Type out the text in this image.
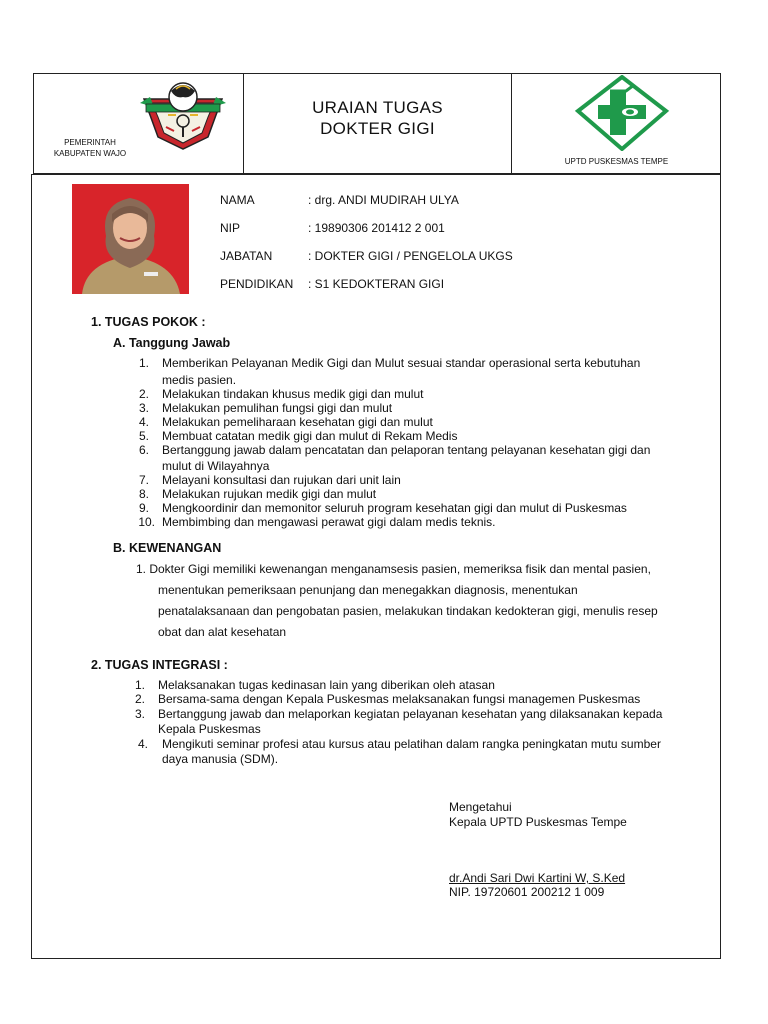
PEMERINTAH
KABUPATEN WAJO
URAIAN TUGAS
DOKTER GIGI
UPTD PUSKESMAS TEMPE
NAMA	: drg. ANDI MUDIRAH ULYA
NIP	: 19890306 201412 2 001
JABATAN	: DOKTER GIGI / PENGELOLA UKGS
PENDIDIKAN : S1 KEDOKTERAN GIGI
1. TUGAS POKOK :
A. Tanggung Jawab
1. Memberikan Pelayanan Medik Gigi dan Mulut sesuai standar operasional serta kebutuhan
medis pasien.
2. Melakukan tindakan khusus medik gigi dan mulut
3. Melakukan pemulihan fungsi gigi dan mulut
4. Melakukan pemeliharaan kesehatan gigi dan mulut
5. Membuat catatan medik gigi dan mulut di Rekam Medis
6. Bertanggung jawab dalam pencatatan dan pelaporan tentang pelayanan kesehatan gigi dan
mulut di Wilayahnya
7. Melayani konsultasi dan rujukan dari unit lain
8. Melakukan rujukan medik gigi dan mulut
9. Mengkoordinir dan memonitor seluruh program kesehatan gigi dan mulut di Puskesmas
10. Membimbing dan mengawasi perawat gigi dalam medis teknis.
B. KEWENANGAN
1. Dokter Gigi memiliki kewenangan menganamsesis pasien, memeriksa fisik dan mental pasien,
menentukan pemeriksaan penunjang dan menegakkan diagnosis, menentukan
penatalaksanaan dan pengobatan pasien, melakukan tindakan kedokteran gigi, menulis resep
obat dan alat kesehatan
2. TUGAS INTEGRASI :
1. Melaksanakan tugas kedinasan lain yang diberikan oleh atasan
2. Bersama-sama dengan Kepala Puskesmas melaksanakan fungsi managemen Puskesmas
3. Bertanggung jawab dan melaporkan kegiatan pelayanan kesehatan yang dilaksanakan kepada
Kepala Puskesmas
4. Mengikuti seminar profesi atau kursus atau pelatihan dalam rangka peningkatan mutu sumber
daya manusia (SDM).
Mengetahui
Kepala UPTD Puskesmas Tempe
dr.Andi Sari Dwi Kartini W, S.Ked
NIP. 19720601 200212 1 009
